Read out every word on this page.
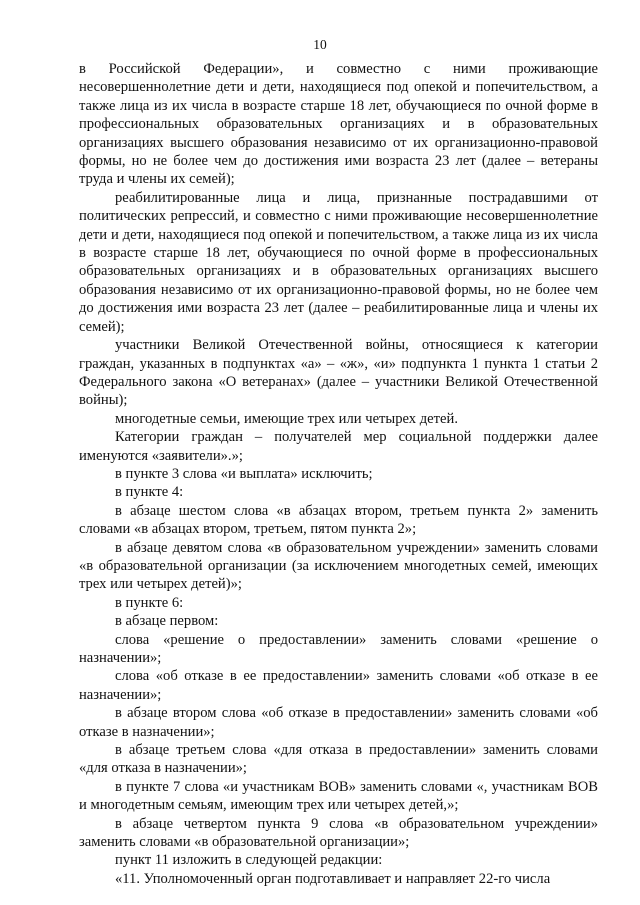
10

в Российской Федерации», и совместно с ними проживающие несовершеннолетние дети и дети, находящиеся под опекой и попечительством, а также лица из их числа в возрасте старше 18 лет, обучающиеся по очной форме в профессиональных образовательных организациях и в образовательных организациях высшего образования независимо от их организационно-правовой формы, но не более чем до достижения ими возраста 23 лет (далее – ветераны труда и члены их семей);

реабилитированные лица и лица, признанные пострадавшими от политических репрессий, и совместно с ними проживающие несовершеннолетние дети и дети, находящиеся под опекой и попечительством, а также лица из их числа в возрасте старше 18 лет, обучающиеся по очной форме в профессиональных образовательных организациях и в образовательных организациях высшего образования независимо от их организационно-правовой формы, но не более чем до достижения ими возраста 23 лет (далее – реабилитированные лица и члены их семей);

участники Великой Отечественной войны, относящиеся к категории граждан, указанных в подпунктах «а» – «ж», «и» подпункта 1 пункта 1 статьи 2 Федерального закона «О ветеранах» (далее – участники Великой Отечественной войны);

многодетные семьи, имеющие трех или четырех детей.

Категории граждан – получателей мер социальной поддержки далее именуются «заявители».»;

в пункте 3 слова «и выплата» исключить;

в пункте 4:

в абзаце шестом слова «в абзацах втором, третьем пункта 2» заменить словами «в абзацах втором, третьем, пятом пункта 2»;

в абзаце девятом слова «в образовательном учреждении» заменить словами «в образовательной организации (за исключением многодетных семей, имеющих трех или четырех детей)»;

в пункте 6:

в абзаце первом:

слова «решение о предоставлении» заменить словами «решение о назначении»;

слова «об отказе в ее предоставлении» заменить словами «об отказе в ее назначении»;

в абзаце втором слова «об отказе в предоставлении» заменить словами «об отказе в назначении»;

в абзаце третьем слова «для отказа в предоставлении» заменить словами «для отказа в назначении»;

в пункте 7 слова «и участникам ВОВ» заменить словами «, участникам ВОВ и многодетным семьям, имеющим трех или четырех детей,»;

в абзаце четвертом пункта 9 слова «в образовательном учреждении» заменить словами «в образовательной организации»;

пункт 11 изложить в следующей редакции:

«11. Уполномоченный орган подготавливает и направляет 22-го числа
